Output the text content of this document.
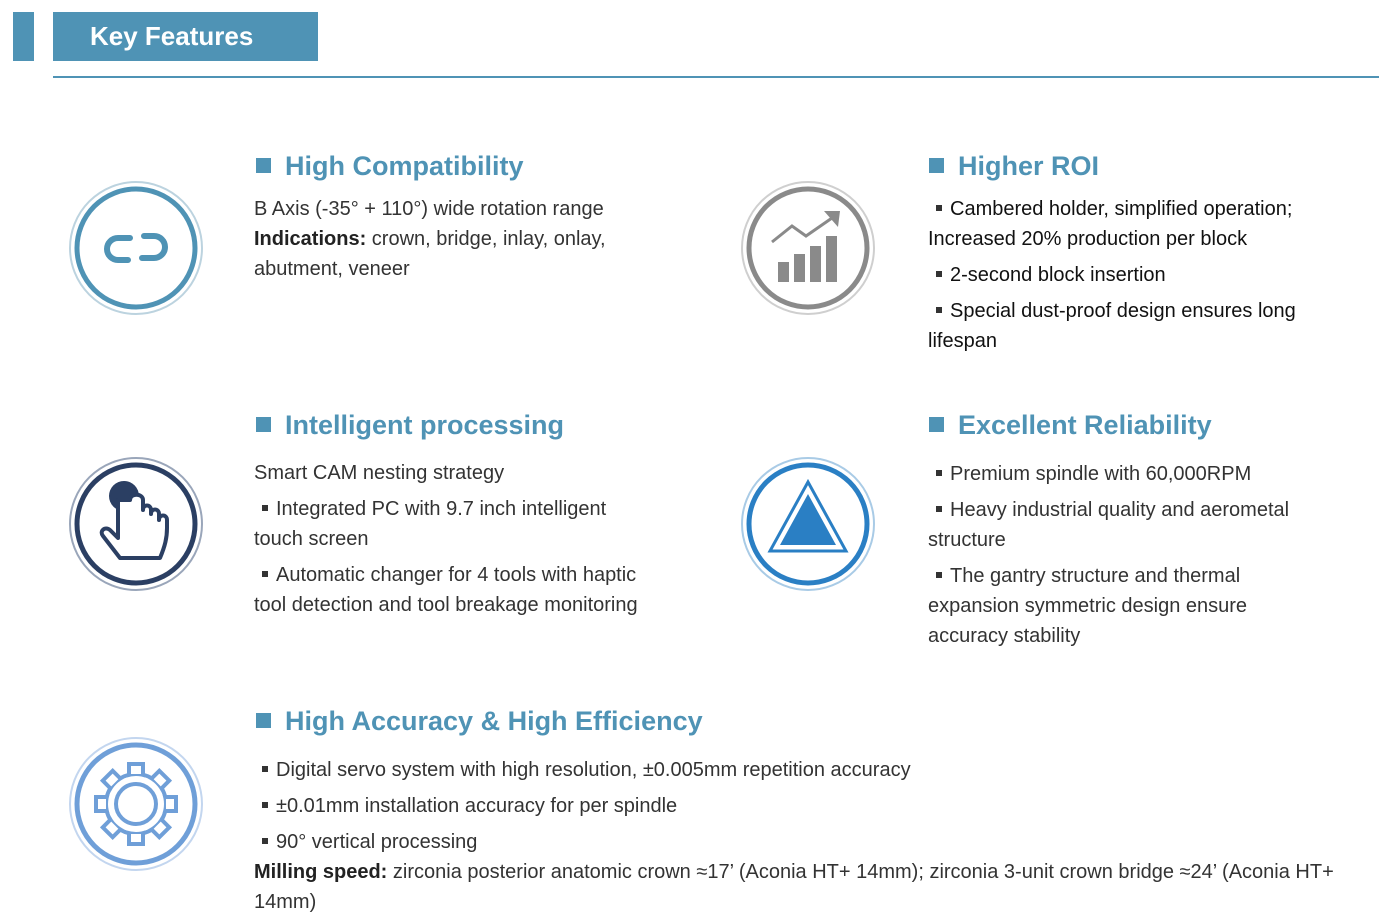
Key Features
High Compatibility

B Axis (-35° + 110°) wide rotation range

Indications: crown, bridge, inlay, onlay, abutment, veneer

Higher ROI

Cambered holder, simplified operation; Increased 20% production per block

2-second block insertion

Special dust-proof design ensures long lifespan

Intelligent processing

Smart CAM nesting strategy

Integrated PC with 9.7 inch intelligent touch screen

Automatic changer for 4 tools with haptic tool detection and tool breakage monitoring

Excellent Reliability

Premium spindle with 60,000RPM

Heavy industrial quality and aerometal structure

The gantry structure and thermal expansion symmetric design ensure accuracy stability

High Accuracy & High Efficiency

Digital servo system with high resolution, ±0.005mm repetition accuracy

±0.01mm installation accuracy for per spindle

90° vertical processing

Milling speed: zirconia posterior anatomic crown ≈17’ (Aconia HT+ 14mm); zirconia 3-unit crown bridge ≈24’ (Aconia HT+ 14mm)
